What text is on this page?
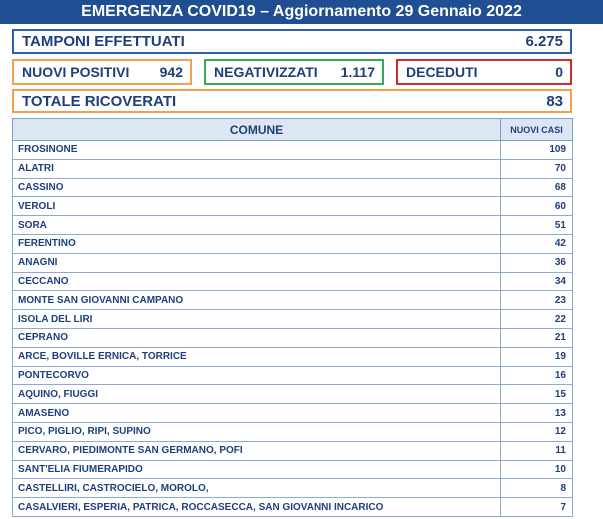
EMERGENZA COVID19 – Aggiornamento 29 Gennaio 2022
TAMPONI EFFETTUATI	6.275
NUOVI POSITIVI 942 NEGATIVIZZATI 1.117 DECEDUTI	0
TOTALE RICOVERATI	83
COMUNE	NUOVI CASI
FROSINONE	109
ALATRI	70
CASSINO	68
VEROLI	60
SORA	51
FERENTINO	42
ANAGNI	36
CECCANO	34
MONTE SAN GIOVANNI CAMPANO	23
ISOLA DEL LIRI	22
CEPRANO	21
ARCE, BOVILLE ERNICA, TORRICE	19
PONTECORVO	16
AQUINO, FIUGGI	15
AMASENO	13
PICO, PIGLIO, RIPI, SUPINO	12
CERVARO, PIEDIMONTE SAN GERMANO, POFI	11
SANT'ELIA FIUMERAPIDO	10
CASTELLIRI, CASTROCIELO, MOROLO,	8
CASALVIERI, ESPERIA, PATRICA, ROCCASECCA, SAN GIOVANNI INCARICO	7
